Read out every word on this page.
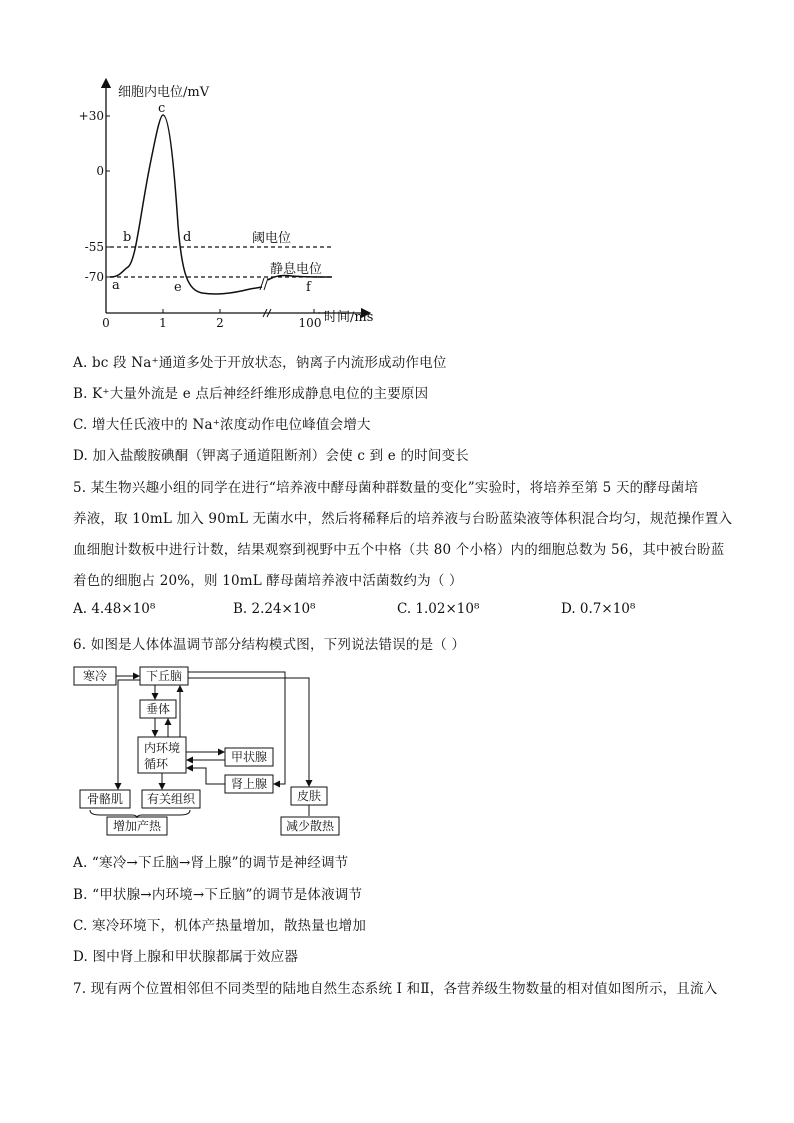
细胞内电位/mV
时间/ms
+30
0
-55
-70
0	1	2	100
a
b
c
d
e	f
阈电位
静息电位
A. bc 段 Na⁺通道多处于开放状态，钠离子内流形成动作电位
B. K⁺大量外流是 e 点后神经纤维形成静息电位的主要原因
C. 增大任氏液中的 Na⁺浓度动作电位峰值会增大
D. 加入盐酸胺碘酮（钾离子通道阻断剂）会使 c 到 e 的时间变长
5. 某生物兴趣小组的同学在进行“培养液中酵母菌种群数量的变化”实验时，将培养至第 5 天的酵母菌培
养液，取 10mL 加入 90mL 无菌水中，然后将稀释后的培养液与台盼蓝染液等体积混合均匀，规范操作置入
血细胞计数板中进行计数，结果观察到视野中五个中格（共 80 个小格）内的细胞总数为 56，其中被台盼蓝
着色的细胞占 20%，则 10mL 酵母菌培养液中活菌数约为（ ）
A. 4.48×10⁸	B. 2.24×10⁸	C. 1.02×10⁸	D. 0.7×10⁸
6. 如图是人体体温调节部分结构模式图，下列说法错误的是（ ）
寒冷	下丘脑
垂体
内环境
循环	甲状腺
肾上腺
骨骼肌 有关组织	皮肤
增加产热	减少散热
A. “寒冷→下丘脑→肾上腺”的调节是神经调节
B. “甲状腺→内环境→下丘脑”的调节是体液调节
C. 寒冷环境下，机体产热量增加，散热量也增加
D. 图中肾上腺和甲状腺都属于效应器
7. 现有两个位置相邻但不同类型的陆地自然生态系统 I 和Ⅱ，各营养级生物数量的相对值如图所示，且流入
